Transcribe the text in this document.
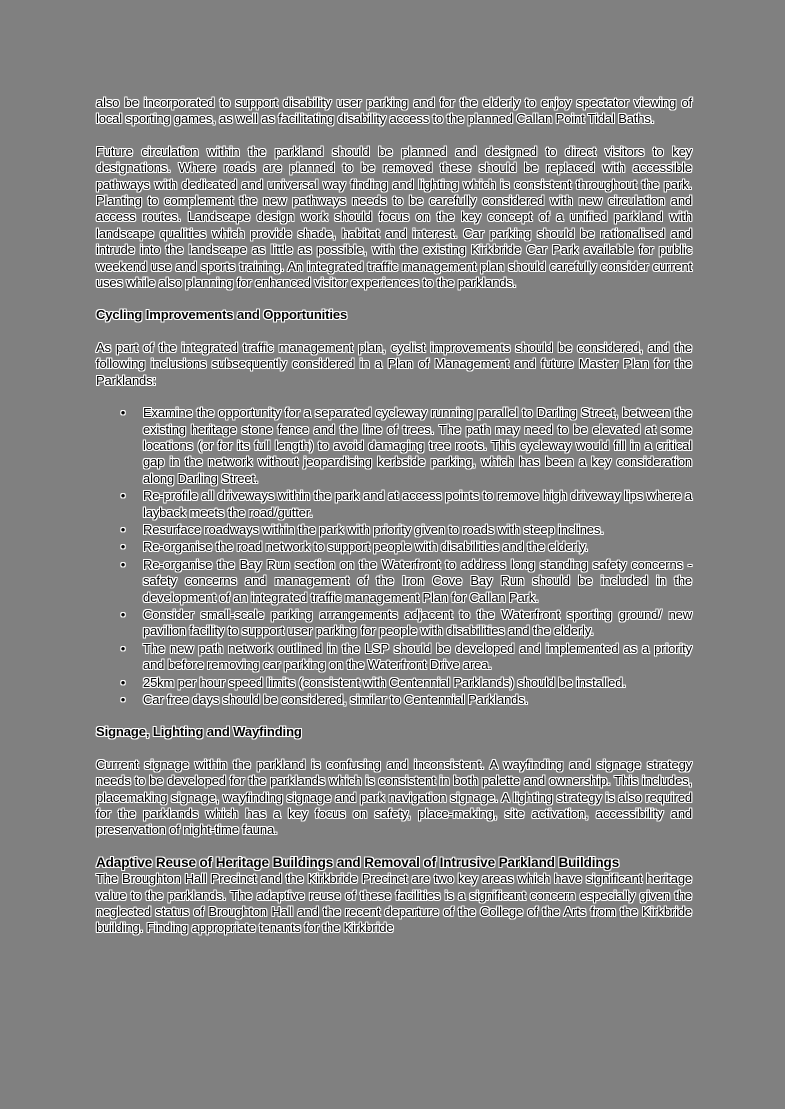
also be incorporated to support disability user parking and for the elderly to enjoy spectator viewing of local sporting games, as well as facilitating disability access to the planned Callan Point Tidal Baths.

Future circulation within the parkland should be planned and designed to direct visitors to key designations. Where roads are planned to be removed these should be replaced with accessible pathways with dedicated and universal way finding and lighting which is consistent throughout the park. Planting to complement the new pathways needs to be carefully considered with new circulation and access routes. Landscape design work should focus on the key concept of a unified parkland with landscape qualities which provide shade, habitat and interest. Car parking should be rationalised and intrude into the landscape as little as possible, with the existing Kirkbride Car Park available for public weekend use and sports training. An integrated traffic management plan should carefully consider current uses while also planning for enhanced visitor experiences to the parklands.

Cycling Improvements and Opportunities

As part of the integrated traffic management plan, cyclist improvements should be considered, and the following inclusions subsequently considered in a Plan of Management and future Master Plan for the Parklands:

• Examine the opportunity for a separated cycleway running parallel to Darling Street, between the existing heritage stone fence and the line of trees. The path may need to be elevated at some locations (or for its full length) to avoid damaging tree roots. This cycleway would fill in a critical gap in the network without jeopardising kerbside parking, which has been a key consideration along Darling Street.
• Re-profile all driveways within the park and at access points to remove high driveway lips where a layback meets the road/gutter.
• Resurface roadways within the park with priority given to roads with steep inclines.
• Re-organise the road network to support people with disabilities and the elderly.
• Re-organise the Bay Run section on the Waterfront to address long standing safety concerns - safety concerns and management of the Iron Cove Bay Run should be included in the development of an integrated traffic management Plan for Callan Park.
• Consider small-scale parking arrangements adjacent to the Waterfront sporting ground/ new pavilion facility to support user parking for people with disabilities and the elderly.
• The new path network outlined in the LSP should be developed and implemented as a priority and before removing car parking on the Waterfront Drive area.
• 25km per hour speed limits (consistent with Centennial Parklands) should be installed.
• Car free days should be considered, similar to Centennial Parklands.
Signage, Lighting and Wayfinding

Current signage within the parkland is confusing and inconsistent. A wayfinding and signage strategy needs to be developed for the parklands which is consistent in both palette and ownership. This includes, placemaking signage, wayfinding signage and park navigation signage. A lighting strategy is also required for the parklands which has a key focus on safety, place-making, site activation, accessibility and preservation of night-time fauna.

Adaptive Reuse of Heritage Buildings and Removal of Intrusive Parkland Buildings

The Broughton Hall Precinct and the Kirkbride Precinct are two key areas which have significant heritage value to the parklands. The adaptive reuse of these facilities is a significant concern especially given the neglected status of Broughton Hall and the recent departure of the College of the Arts from the Kirkbride building. Finding appropriate tenants for the Kirkbride
